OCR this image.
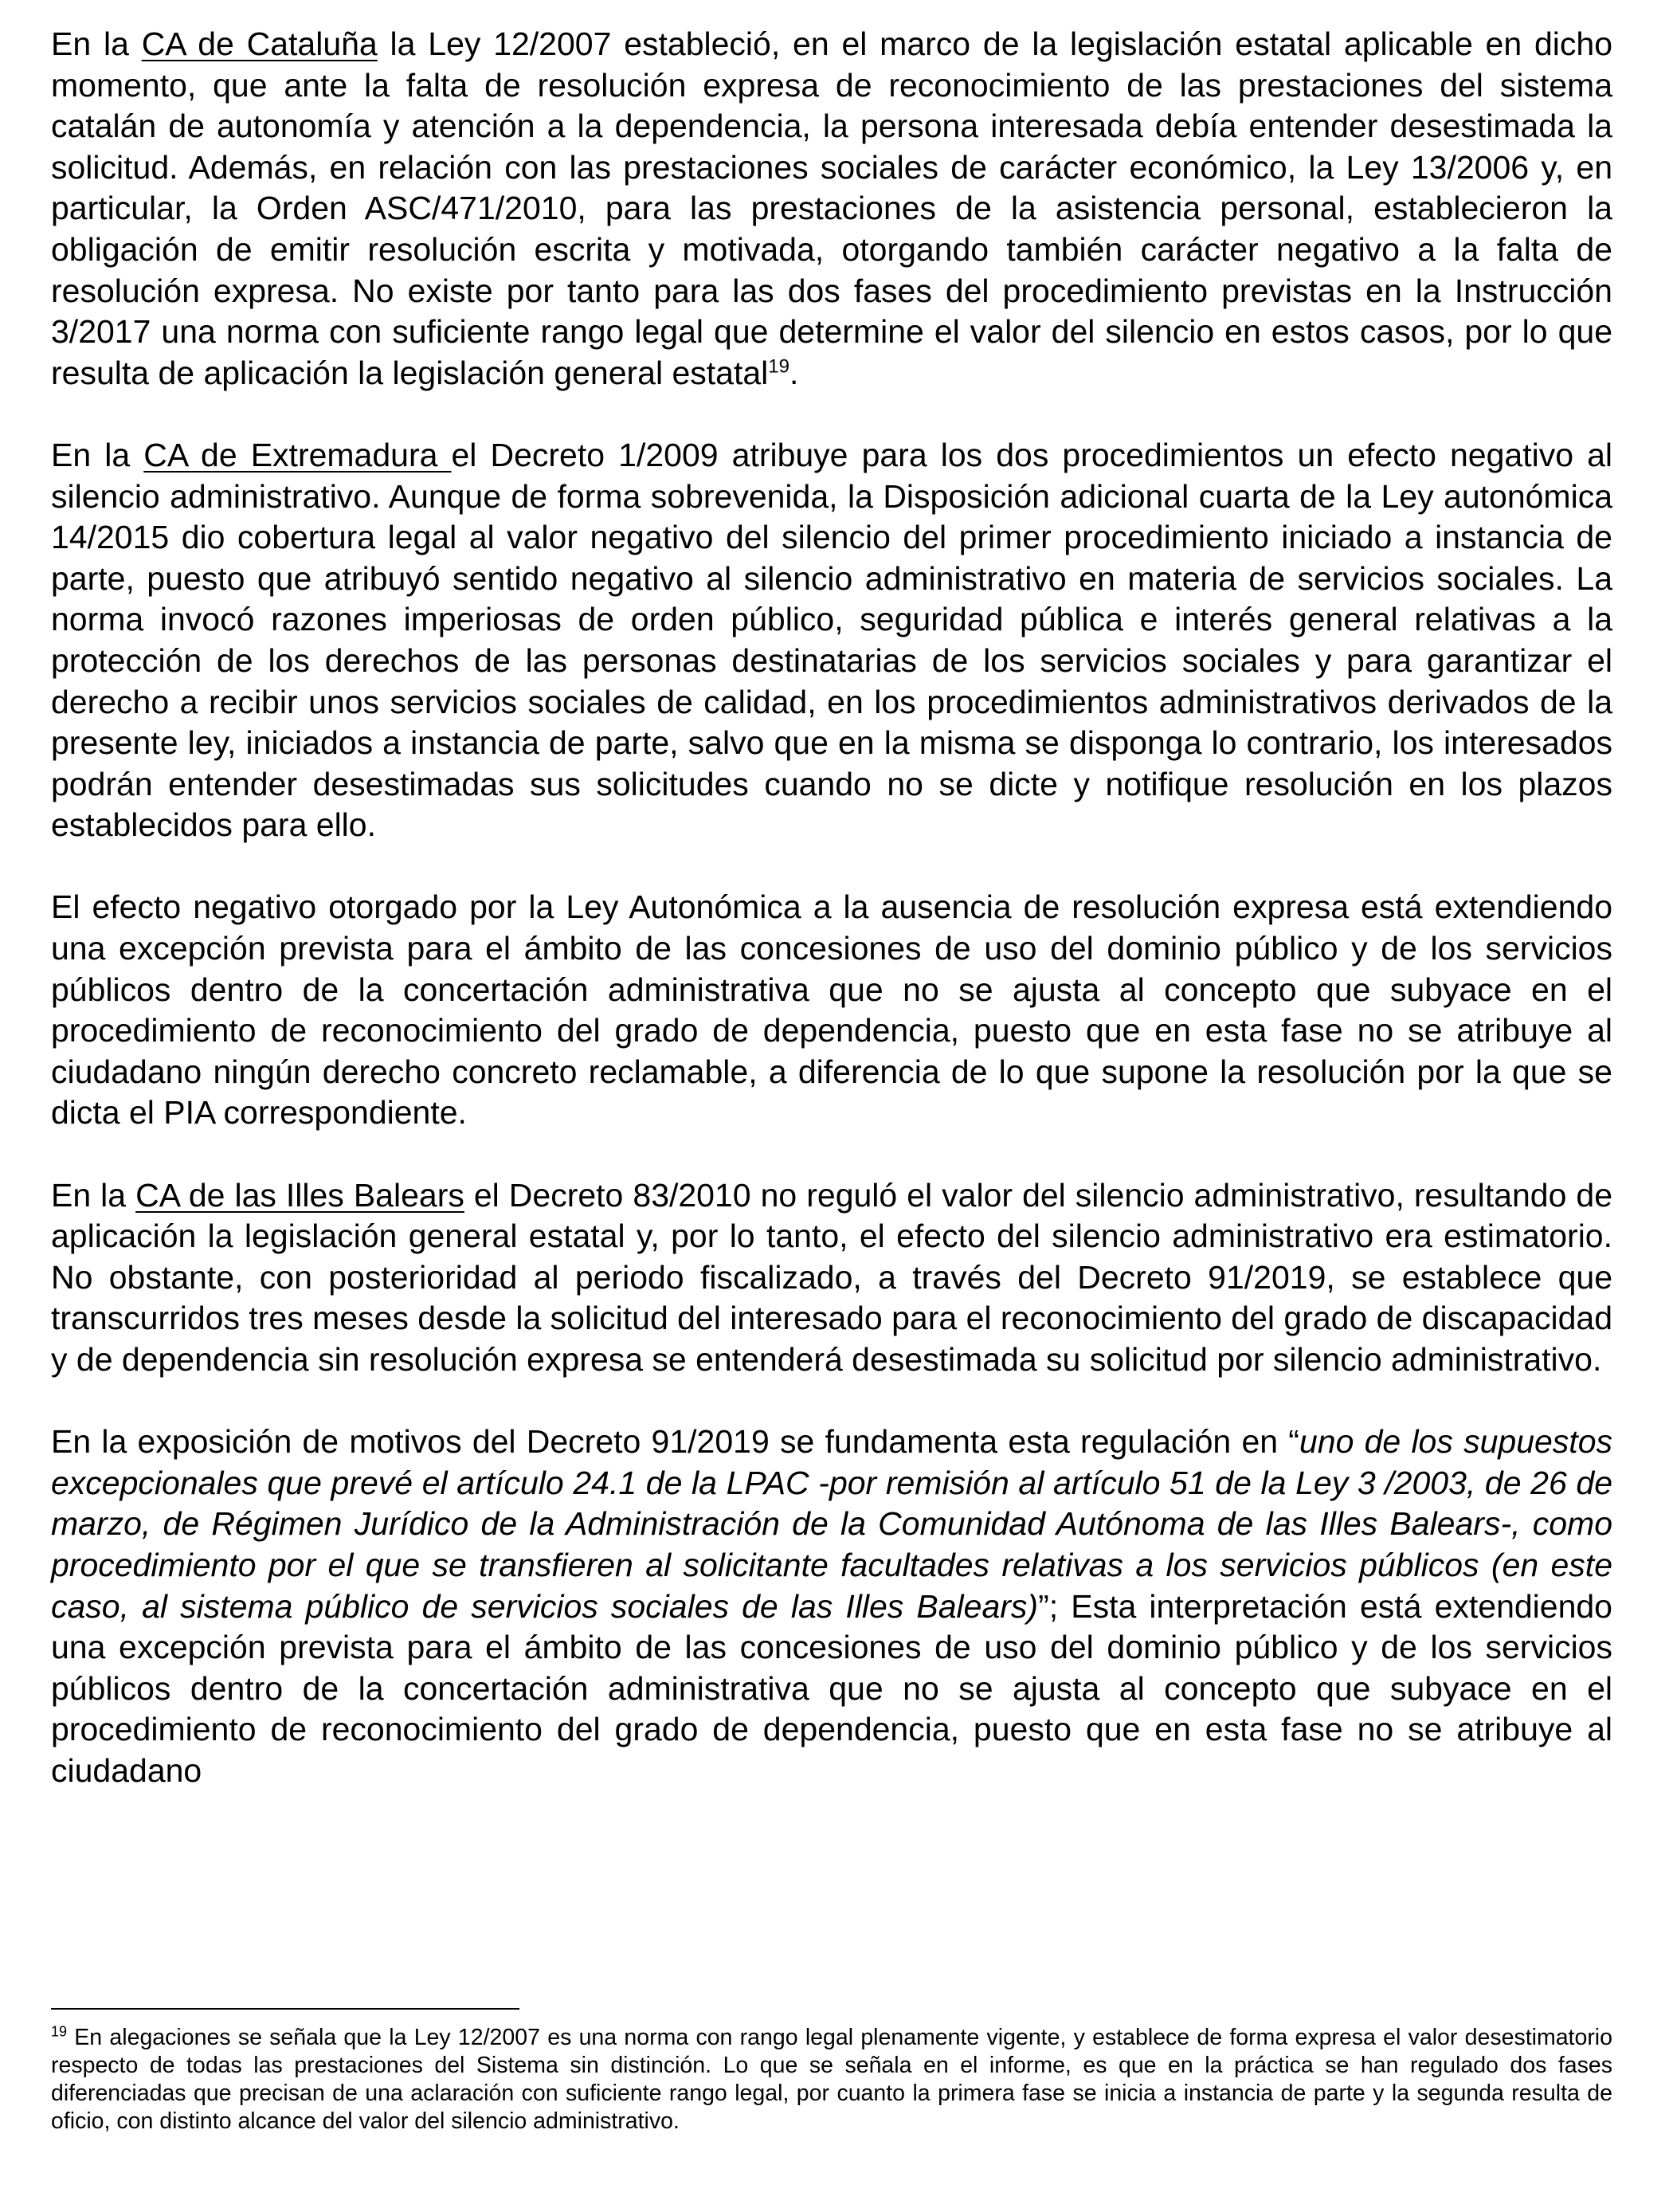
En la CA de Cataluña la Ley 12/2007 estableció, en el marco de la legislación estatal aplicable en dicho momento, que ante la falta de resolución expresa de reconocimiento de las prestaciones del sistema catalán de autonomía y atención a la dependencia, la persona interesada debía entender desestimada la solicitud. Además, en relación con las prestaciones sociales de carácter económico, la Ley 13/2006 y, en particular, la Orden ASC/471/2010, para las prestaciones de la asistencia personal, establecieron la obligación de emitir resolución escrita y motivada, otorgando también carácter negativo a la falta de resolución expresa. No existe por tanto para las dos fases del procedimiento previstas en la Instrucción 3/2017 una norma con suficiente rango legal que determine el valor del silencio en estos casos, por lo que resulta de aplicación la legislación general estatal$^{19}$.

En la CA de Extremadura el Decreto 1/2009 atribuye para los dos procedimientos un efecto negativo al silencio administrativo. Aunque de forma sobrevenida, la Disposición adicional cuarta de la Ley autonómica 14/2015 dio cobertura legal al valor negativo del silencio del primer procedimiento iniciado a instancia de parte, puesto que atribuyó sentido negativo al silencio administrativo en materia de servicios sociales. La norma invocó razones imperiosas de orden público, seguridad pública e interés general relativas a la protección de los derechos de las personas destinatarias de los servicios sociales y para garantizar el derecho a recibir unos servicios sociales de calidad, en los procedimientos administrativos derivados de la presente ley, iniciados a instancia de parte, salvo que en la misma se disponga lo contrario, los interesados podrán entender desestimadas sus solicitudes cuando no se dicte y notifique resolución en los plazos establecidos para ello.

El efecto negativo otorgado por la Ley Autonómica a la ausencia de resolución expresa está extendiendo una excepción prevista para el ámbito de las concesiones de uso del dominio público y de los servicios públicos dentro de la concertación administrativa que no se ajusta al concepto que subyace en el procedimiento de reconocimiento del grado de dependencia, puesto que en esta fase no se atribuye al ciudadano ningún derecho concreto reclamable, a diferencia de lo que supone la resolución por la que se dicta el PIA correspondiente.

En la CA de las Illes Balears el Decreto 83/2010 no reguló el valor del silencio administrativo, resultando de aplicación la legislación general estatal y, por lo tanto, el efecto del silencio administrativo era estimatorio. No obstante, con posterioridad al periodo fiscalizado, a través del Decreto 91/2019, se establece que transcurridos tres meses desde la solicitud del interesado para el reconocimiento del grado de discapacidad y de dependencia sin resolución expresa se entenderá desestimada su solicitud por silencio administrativo.

En la exposición de motivos del Decreto 91/2019 se fundamenta esta regulación en “uno de los supuestos excepcionales que prevé el artículo 24.1 de la LPAC -por remisión al artículo 51 de la Ley 3 /2003, de 26 de marzo, de Régimen Jurídico de la Administración de la Comunidad Autónoma de las Illes Balears-, como procedimiento por el que se transfieren al solicitante facultades relativas a los servicios públicos (en este caso, al sistema público de servicios sociales de las Illes Balears)”; Esta interpretación está extendiendo una excepción prevista para el ámbito de las concesiones de uso del dominio público y de los servicios públicos dentro de la concertación administrativa que no se ajusta al concepto que subyace en el procedimiento de reconocimiento del grado de dependencia, puesto que en esta fase no se atribuye al ciudadano

$^{19}$ En alegaciones se señala que la Ley 12/2007 es una norma con rango legal plenamente vigente, y establece de forma expresa el valor desestimatorio respecto de todas las prestaciones del Sistema sin distinción. Lo que se señala en el informe, es que en la práctica se han regulado dos fases diferenciadas que precisan de una aclaración con suficiente rango legal, por cuanto la primera fase se inicia a instancia de parte y la segunda resulta de oficio, con distinto alcance del valor del silencio administrativo.
